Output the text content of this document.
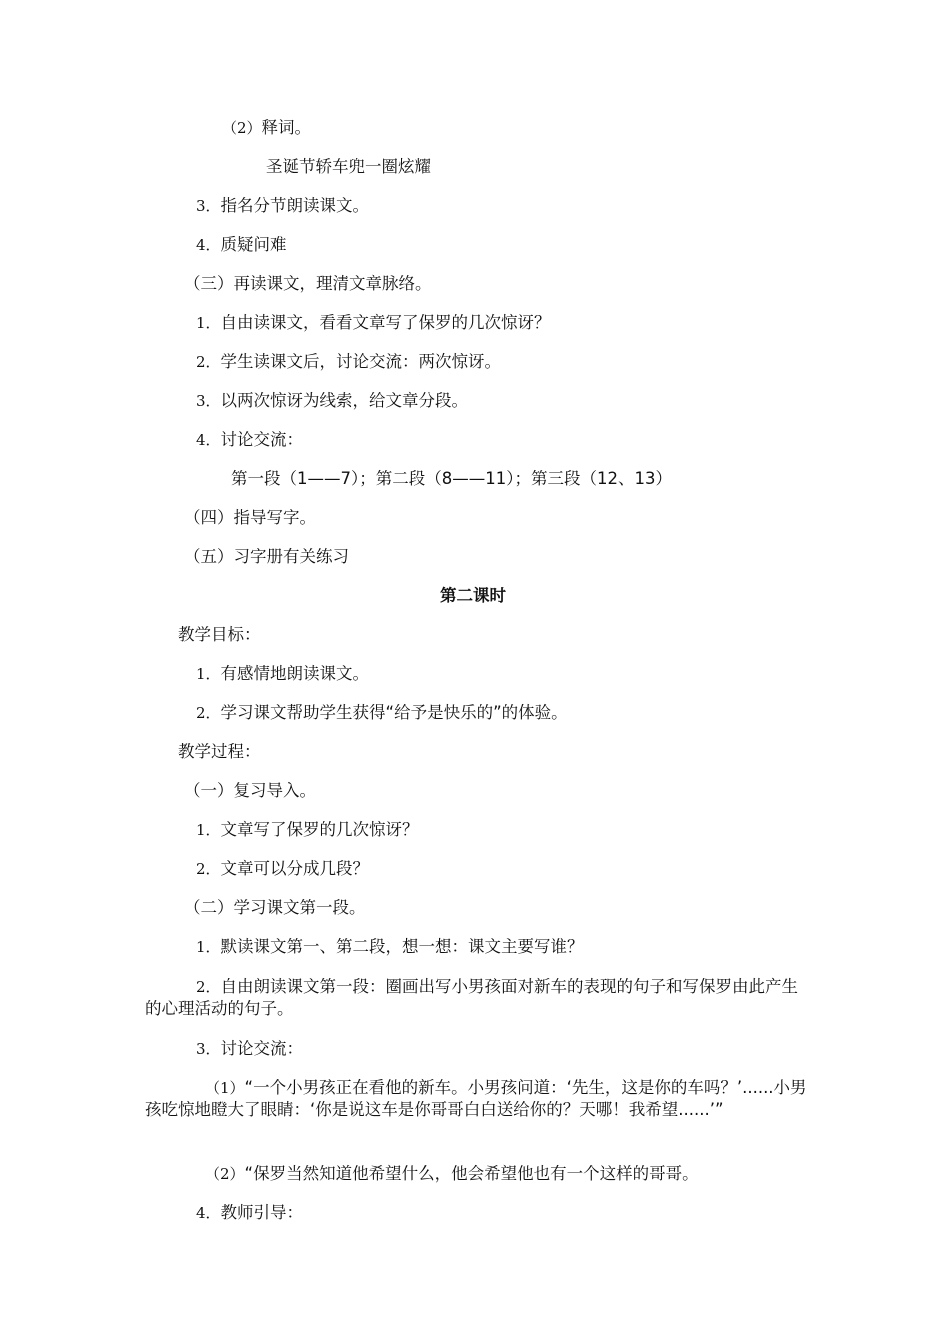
（2）释词。
圣诞节轿车兜一圈炫耀
3．指名分节朗读课文。
4．质疑问难
（三）再读课文，理清文章脉络。
1．自由读课文，看看文章写了保罗的几次惊讶？
2．学生读课文后，讨论交流：两次惊讶。
3．以两次惊讶为线索，给文章分段。
4．讨论交流：
第一段（1——7）；第二段（8——11）；第三段（12、13）
（四）指导写字。
（五）习字册有关练习
第二课时
教学目标：
1．有感情地朗读课文。
2．学习课文帮助学生获得“给予是快乐的”的体验。
教学过程：
（一）复习导入。
1．文章写了保罗的几次惊讶？
2．文章可以分成几段？
（二）学习课文第一段。
1．默读课文第一、第二段，想一想：课文主要写谁？
2．自由朗读课文第一段：圈画出写小男孩面对新车的表现的句子和写保罗由此产生的心理活动的句子。
3．讨论交流：
（1）“一个小男孩正在看他的新车。小男孩问道：‘先生，这是你的车吗？’......小男孩吃惊地瞪大了眼睛：‘你是说这车是你哥哥白白送给你的？天哪！我希望......’”
（2）“保罗当然知道他希望什么，他会希望他也有一个这样的哥哥。
4．教师引导：
